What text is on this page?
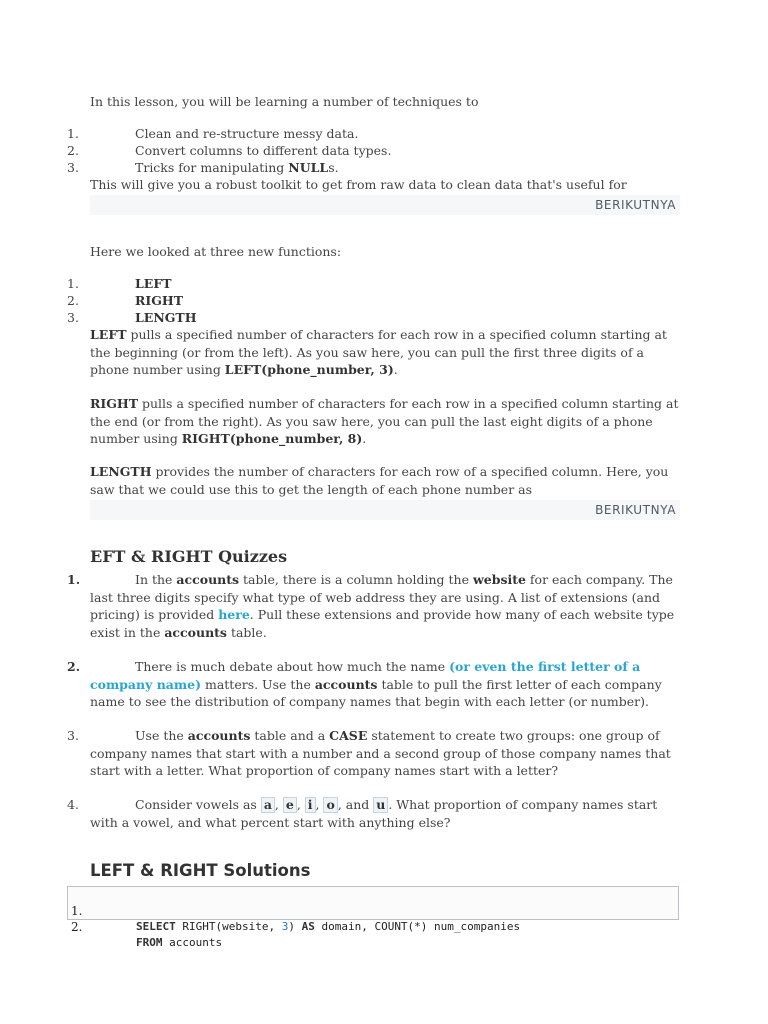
In this lesson, you will be learning a number of techniques to

1.	Clean and re-structure messy data.
2.	Convert columns to different data types.
3.	Tricks for manipulating NULLs.

This will give you a robust toolkit to get from raw data to clean data that's useful for

BERIKUTNYA

Here we looked at three new functions:

1.	LEFT
2.	RIGHT
3.	LENGTH

LEFT pulls a specified number of characters for each row in a specified column starting at the beginning (or from the left). As you saw here, you can pull the first three digits of a phone number using LEFT(phone_number, 3).

RIGHT pulls a specified number of characters for each row in a specified column starting at the end (or from the right). As you saw here, you can pull the last eight digits of a phone number using RIGHT(phone_number, 8).

LENGTH provides the number of characters for each row of a specified column. Here, you saw that we could use this to get the length of each phone number as

BERIKUTNYA
EFT & RIGHT Quizzes
1.	In the accounts table, there is a column holding the website for each company. The last three digits specify what type of web address they are using. A list of extensions (and pricing) is provided here. Pull these extensions and provide how many of each website type exist in the accounts table.
2.	There is much debate about how much the name (or even the first letter of a company name) matters. Use the accounts table to pull the first letter of each company name to see the distribution of company names that begin with each letter (or number).
3.	Use the accounts table and a CASE statement to create two groups: one group of company names that start with a number and a second group of those company names that start with a letter. What proportion of company names start with a letter?
4.	Consider vowels as a , e , i , o , and u . What proportion of company names start with a vowel, and what percent start with anything else?
LEFT & RIGHT Solutions

1.

SELECT RIGHT(website, 3) AS domain, COUNT(*) num_companies

2.

FROM accounts
